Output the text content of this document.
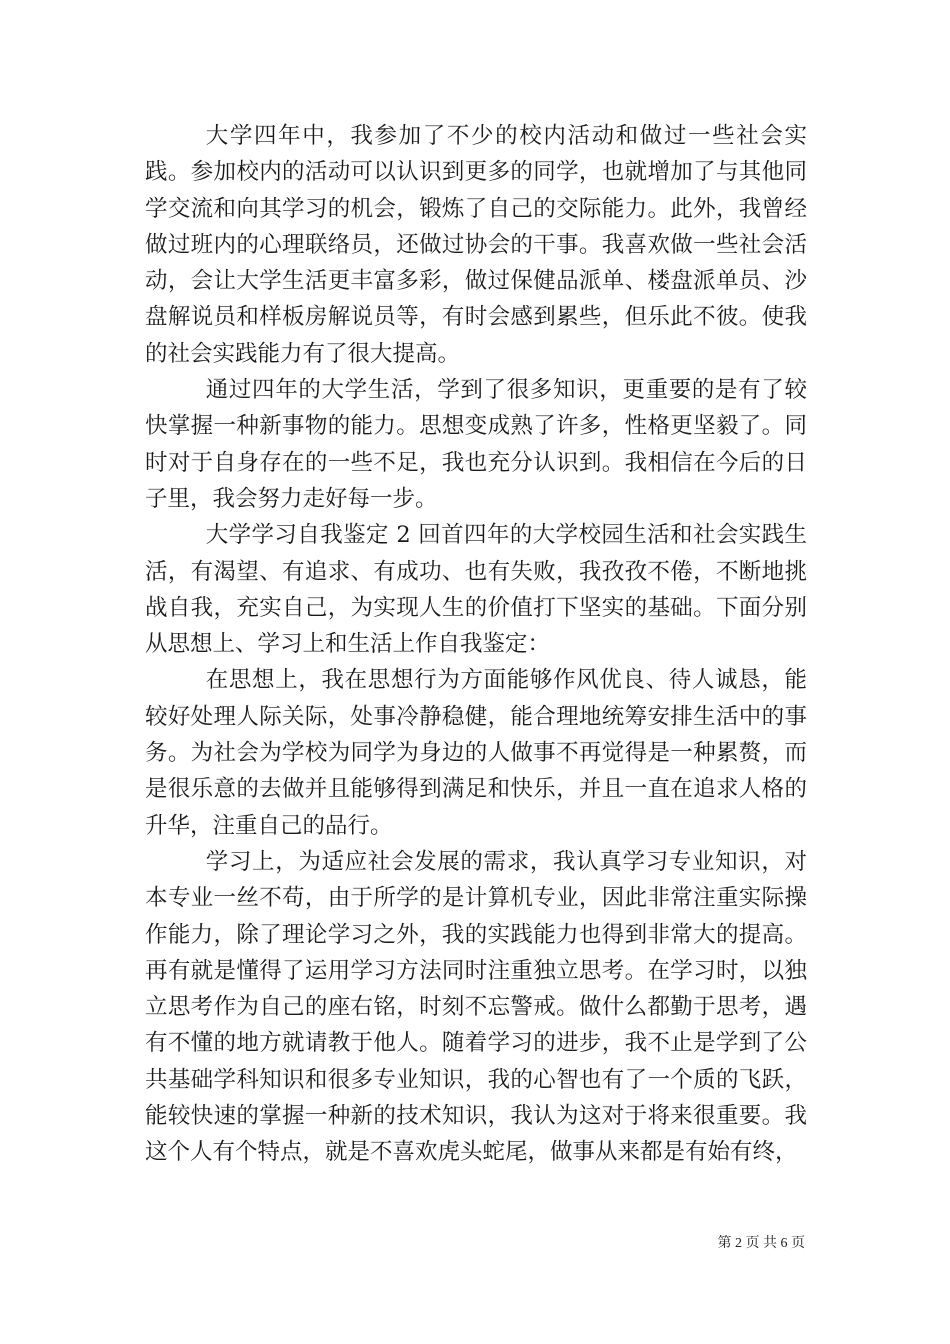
大学四年中，我参加了不少的校内活动和做过一些社会实践。参加校内的活动可以认识到更多的同学，也就增加了与其他同学交流和向其学习的机会，锻炼了自己的交际能力。此外，我曾经做过班内的心理联络员，还做过协会的干事。我喜欢做一些社会活动，会让大学生活更丰富多彩，做过保健品派单、楼盘派单员、沙盘解说员和样板房解说员等，有时会感到累些，但乐此不彼。使我的社会实践能力有了很大提高。

通过四年的大学生活，学到了很多知识，更重要的是有了较快掌握一种新事物的能力。思想变成熟了许多，性格更坚毅了。同时对于自身存在的一些不足，我也充分认识到。我相信在今后的日子里，我会努力走好每一步。

大学学习自我鉴定 2 回首四年的大学校园生活和社会实践生活，有渴望、有追求、有成功、也有失败，我孜孜不倦，不断地挑战自我，充实自己，为实现人生的价值打下坚实的基础。下面分别从思想上、学习上和生活上作自我鉴定：

在思想上，我在思想行为方面能够作风优良、待人诚恳，能较好处理人际关际，处事冷静稳健，能合理地统筹安排生活中的事务。为社会为学校为同学为身边的人做事不再觉得是一种累赘，而是很乐意的去做并且能够得到满足和快乐，并且一直在追求人格的升华，注重自己的品行。

学习上，为适应社会发展的需求，我认真学习专业知识，对本专业一丝不苟，由于所学的是计算机专业，因此非常注重实际操作能力，除了理论学习之外，我的实践能力也得到非常大的提高。再有就是懂得了运用学习方法同时注重独立思考。在学习时，以独立思考作为自己的座右铭，时刻不忘警戒。做什么都勤于思考，遇有不懂的地方就请教于他人。随着学习的进步，我不止是学到了公共基础学科知识和很多专业知识，我的心智也有了一个质的飞跃，能较快速的掌握一种新的技术知识，我认为这对于将来很重要。我这个人有个特点，就是不喜欢虎头蛇尾，做事从来都是有始有终，

第 2 页 共 6 页
